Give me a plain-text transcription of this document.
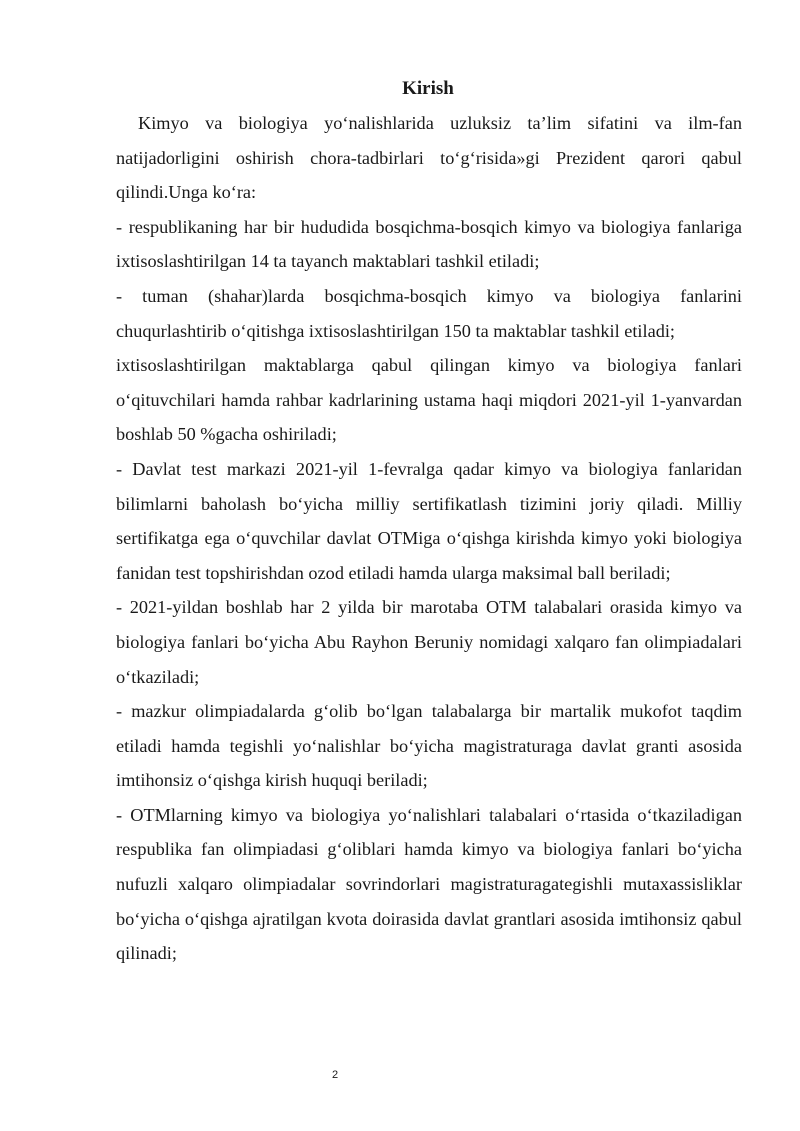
Kirish

Kimyo va biologiya yo‘nalishlarida uzluksiz ta’lim sifatini va ilm-fan natijadorligini oshirish chora-tadbirlari to‘g‘risida»gi Prezident qarori qabul qilindi.Unga ko‘ra:

- respublikaning har bir hududida bosqichma-bosqich kimyo va biologiya fanlariga ixtisoslashtirilgan 14 ta tayanch maktablari tashkil etiladi;

- tuman (shahar)larda bosqichma-bosqich kimyo va biologiya fanlarini chuqurlashtirib o‘qitishga ixtisoslashtirilgan 150 ta maktablar tashkil etiladi;

ixtisoslashtirilgan maktablarga qabul qilingan kimyo va biologiya fanlari o‘qituvchilari hamda rahbar kadrlarining ustama haqi miqdori 2021-yil 1-yanvardan boshlab 50 %gacha oshiriladi;

- Davlat test markazi 2021-yil 1-fevralga qadar kimyo va biologiya fanlaridan bilimlarni baholash bo‘yicha milliy sertifikatlash tizimini joriy qiladi. Milliy sertifikatga ega o‘quvchilar davlat OTMiga o‘qishga kirishda kimyo yoki biologiya fanidan test topshirishdan ozod etiladi hamda ularga maksimal ball beriladi;

- 2021-yildan boshlab har 2 yilda bir marotaba OTM talabalari orasida kimyo va biologiya fanlari bo‘yicha Abu Rayhon Beruniy nomidagi xalqaro fan olimpiadalari o‘tkaziladi;

- mazkur olimpiadalarda g‘olib bo‘lgan talabalarga bir martalik mukofot taqdim etiladi hamda tegishli yo‘nalishlar bo‘yicha magistraturaga davlat granti asosida imtihonsiz o‘qishga kirish huquqi beriladi;

- OTMlarning kimyo va biologiya yo‘nalishlari talabalari o‘rtasida o‘tkaziladigan respublika fan olimpiadasi g‘oliblari hamda kimyo va biologiya fanlari bo‘yicha nufuzli xalqaro olimpiadalar sovrindorlari magistraturagategishli mutaxassisliklar bo‘yicha o‘qishga ajratilgan kvota doirasida davlat grantlari asosida imtihonsiz qabul qilinadi;

2
